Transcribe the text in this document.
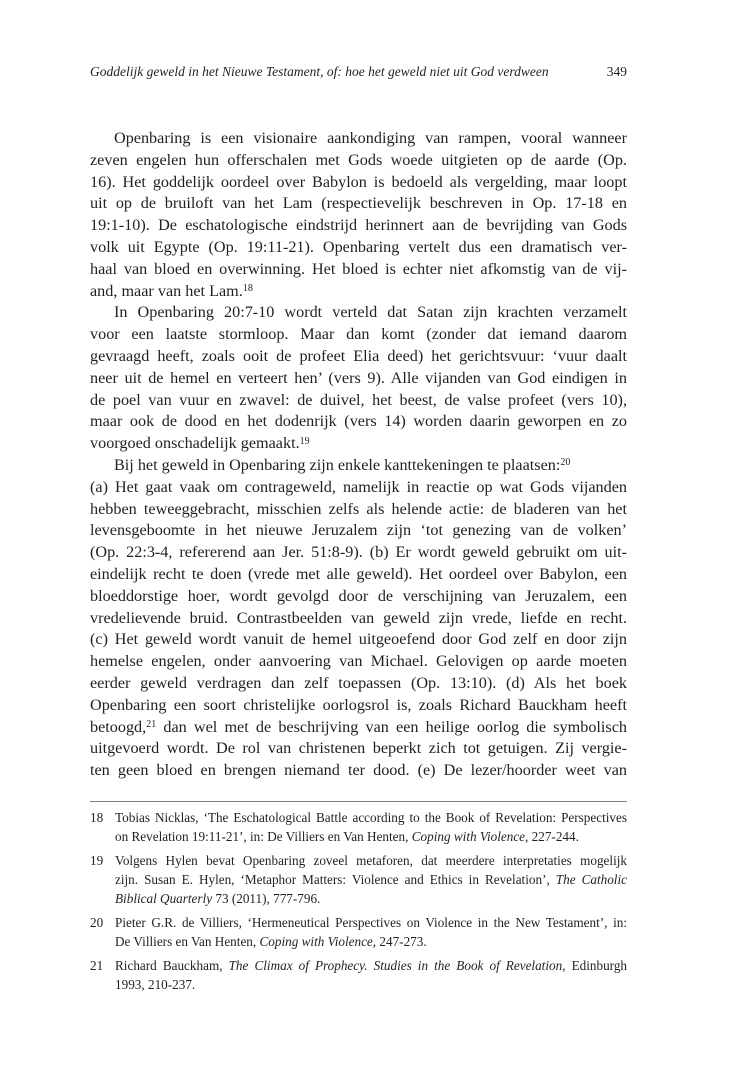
Goddelijk geweld in het Nieuwe Testament, of: hoe het geweld niet uit God verdween	349
Openbaring is een visionaire aankondiging van rampen, vooral wanneer
zeven engelen hun offerschalen met Gods woede uitgieten op de aarde (Op.
16). Het goddelijk oordeel over Babylon is bedoeld als vergelding, maar loopt
uit op de bruiloft van het Lam (respectievelijk beschreven in Op. 17-18 en
19:1-10). De eschatologische eindstrijd herinnert aan de bevrijding van Gods
volk uit Egypte (Op. 19:11-21). Openbaring vertelt dus een dramatisch ver-
haal van bloed en overwinning. Het bloed is echter niet afkomstig van de vij-
and, maar van het Lam.$^{18}$
In Openbaring 20:7-10 wordt verteld dat Satan zijn krachten verzamelt
voor een laatste stormloop. Maar dan komt (zonder dat iemand daarom
gevraagd heeft, zoals ooit de profeet Elia deed) het gerichtsvuur: ‘vuur daalt
neer uit de hemel en verteert hen’ (vers 9). Alle vijanden van God eindigen in
de poel van vuur en zwavel: de duivel, het beest, de valse profeet (vers 10),
maar ook de dood en het dodenrijk (vers 14) worden daarin geworpen en zo
voorgoed onschadelijk gemaakt.$^{19}$
Bij het geweld in Openbaring zijn enkele kanttekeningen te plaatsen:$^{20}$
(a) Het gaat vaak om contrageweld, namelijk in reactie op wat Gods vijanden
hebben teweeggebracht, misschien zelfs als helende actie: de bladeren van het
levensgeboomte in het nieuwe Jeruzalem zijn ‘tot genezing van de volken’
(Op. 22:3-4, refererend aan Jer. 51:8-9). (b) Er wordt geweld gebruikt om uit-
eindelijk recht te doen (vrede met alle geweld). Het oordeel over Babylon, een
bloeddorstige hoer, wordt gevolgd door de verschijning van Jeruzalem, een
vredelievende bruid. Contrastbeelden van geweld zijn vrede, liefde en recht.
(c) Het geweld wordt vanuit de hemel uitgeoefend door God zelf en door zijn
hemelse engelen, onder aanvoering van Michael. Gelovigen op aarde moeten
eerder geweld verdragen dan zelf toepassen (Op. 13:10). (d) Als het boek
Openbaring een soort christelijke oorlogsrol is, zoals Richard Bauckham heeft
betoogd,$^{21}$ dan wel met de beschrijving van een heilige oorlog die symbolisch
uitgevoerd wordt. De rol van christenen beperkt zich tot getuigen. Zij vergie-
ten geen bloed en brengen niemand ter dood. (e) De lezer/hoorder weet van
18 Tobias Nicklas, ‘The Eschatological Battle according to the Book of Revelation: Perspectives
on Revelation 19:11-21’, in: De Villiers en Van Henten, Coping with Violence, 227-244.
19 Volgens Hylen bevat Openbaring zoveel metaforen, dat meerdere interpretaties mogelijk
zijn. Susan E. Hylen, ‘Metaphor Matters: Violence and Ethics in Revelation’, The Catholic
Biblical Quarterly 73 (2011), 777-796.
20 Pieter G.R. de Villiers, ‘Hermeneutical Perspectives on Violence in the New Testament’, in:
De Villiers en Van Henten, Coping with Violence, 247-273.
21 Richard Bauckham, The Climax of Prophecy. Studies in the Book of Revelation, Edinburgh
1993, 210-237.
